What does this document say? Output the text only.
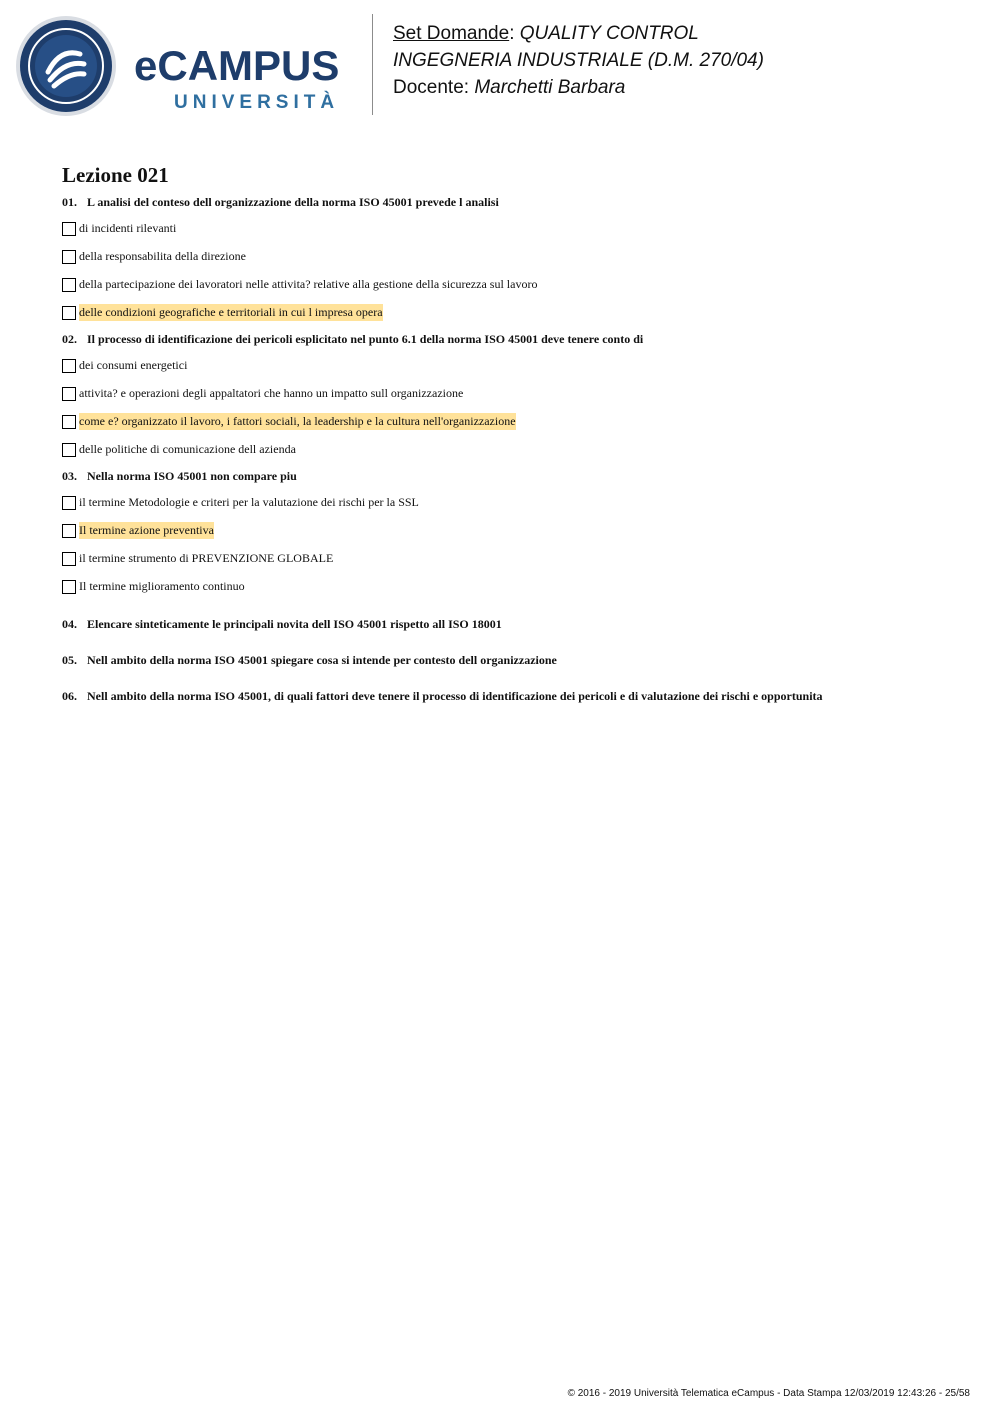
eCAMPUS
UNIVERSITÀ
Set Domande: QUALITY CONTROL
INGEGNERIA INDUSTRIALE (D.M. 270/04)
Docente: Marchetti Barbara
Lezione 021
01. L analisi del conteso dell organizzazione della norma ISO 45001 prevede l analisi
di incidenti rilevanti
della responsabilita della direzione
della partecipazione dei lavoratori nelle attivita? relative alla gestione della sicurezza sul lavoro
delle condizioni geografiche e territoriali in cui l impresa opera
02. Il processo di identificazione dei pericoli esplicitato nel punto 6.1 della norma ISO 45001 deve tenere conto di
dei consumi energetici
attivita? e operazioni degli appaltatori che hanno un impatto sull organizzazione
come e? organizzato il lavoro, i fattori sociali, la leadership e la cultura nell'organizzazione
delle politiche di comunicazione dell azienda
03. Nella norma ISO 45001 non compare piu
il termine Metodologie e criteri per la valutazione dei rischi per la SSL
Il termine azione preventiva
il termine strumento di PREVENZIONE GLOBALE
Il termine miglioramento continuo
04. Elencare sinteticamente le principali novita dell ISO 45001 rispetto all ISO 18001
05. Nell ambito della norma ISO 45001 spiegare cosa si intende per contesto dell organizzazione
06. Nell ambito della norma ISO 45001, di quali fattori deve tenere il processo di identificazione dei pericoli e di valutazione dei rischi e opportunita
© 2016 - 2019 Università Telematica eCampus - Data Stampa 12/03/2019 12:43:26 - 25/58
